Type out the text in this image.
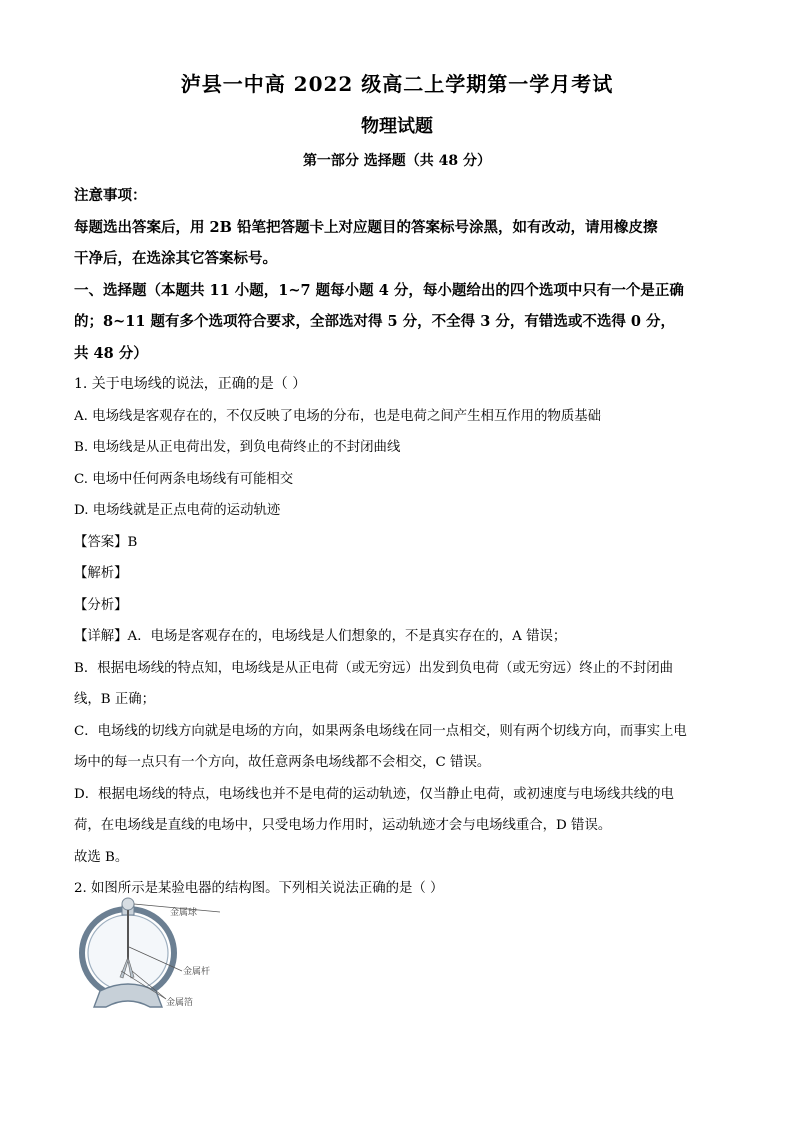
泸县一中高 2022 级高二上学期第一学月考试
物理试题
第一部分 选择题（共 48 分）
注意事项：
每题选出答案后，用 2B 铅笔把答题卡上对应题目的答案标号涂黑，如有改动，请用橡皮擦
干净后，在选涂其它答案标号。
一、选择题（本题共 11 小题，1~7 题每小题 4 分，每小题给出的四个选项中只有一个是正确
的；8~11 题有多个选项符合要求，全部选对得 5 分，不全得 3 分，有错选或不选得 0 分，
共 48 分）
1. 关于电场线的说法，正确的是（ ）
A. 电场线是客观存在的，不仅反映了电场的分布，也是电荷之间产生相互作用的物质基础
B. 电场线是从正电荷出发，到负电荷终止的不封闭曲线
C. 电场中任何两条电场线有可能相交
D. 电场线就是正点电荷的运动轨迹
【答案】B
【解析】
【分析】
【详解】A．电场是客观存在的，电场线是人们想象的，不是真实存在的，A 错误；
B．根据电场线的特点知，电场线是从正电荷（或无穷远）出发到负电荷（或无穷远）终止的不封闭曲
线，B 正确；
C．电场线的切线方向就是电场的方向，如果两条电场线在同一点相交，则有两个切线方向，而事实上电
场中的每一点只有一个方向，故任意两条电场线都不会相交，C 错误。
D．根据电场线的特点，电场线也并不是电荷的运动轨迹，仅当静止电荷，或初速度与电场线共线的电
荷，在电场线是直线的电场中，只受电场力作用时，运动轨迹才会与电场线重合，D 错误。
故选 B。
2. 如图所示是某验电器的结构图。下列相关说法正确的是（ ）
金属球
金属杆
金属箔
